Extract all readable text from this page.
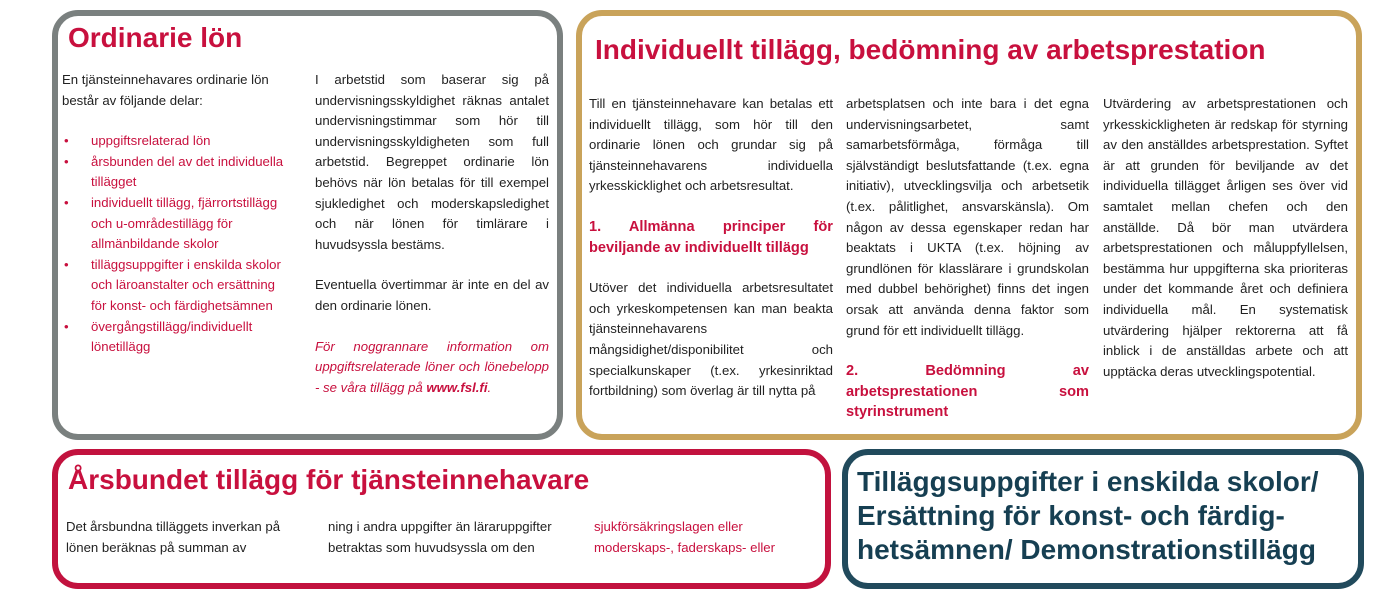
Ordinarie lön

En tjänsteinnehavares ordinarie lön består av följande delar:

• uppgiftsrelaterad lön
• årsbunden del av det individuella tillägget
• individuellt tillägg, fjärrortstillägg och u-områdestillägg för allmänbildande skolor
• tilläggsuppgifter i enskilda skolor och läroanstalter och ersättning för konst- och färdighetsämnen
• övergångstillägg/individuellt lönetillägg

I arbetstid som baserar sig på undervisningsskyldighet räknas antalet undervisningstimmar som hör till undervisningsskyldigheten som full arbetstid. Begreppet ordinarie lön behövs när lön betalas för till exempel sjukledighet och moderskapsledighet och när lönen för timlärare i huvudsyssla bestäms.

Eventuella övertimmar är inte en del av den ordinarie lönen.

För noggrannare information om uppgiftsrelaterade löner och lönebelopp - se våra tillägg på www.fsl.fi.

Individuellt tillägg, bedömning av arbetsprestation

Till en tjänsteinnehavare kan betalas ett individuellt tillägg, som hör till den ordinarie lönen och grundar sig på tjänsteinnehavarens individuella yrkesskicklighet och arbetsresultat.

1. Allmänna principer för beviljande av individuellt tillägg

Utöver det individuella arbetsresultatet och yrkeskompetensen kan man beakta tjänsteinnehavarens mångsidighet/disponibilitet och specialkunskaper (t.ex. yrkesinriktad fortbildning) som överlag är till nytta på

arbetsplatsen och inte bara i det egna undervisningsarbetet, samt samarbetsförmåga, förmåga till självständigt beslutsfattande (t.ex. egna initiativ), utvecklingsvilja och arbetsetik (t.ex. pålitlighet, ansvarskänsla). Om någon av dessa egenskaper redan har beaktats i UKTA (t.ex. höjning av grundlönen för klasslärare i grundskolan med dubbel behörighet) finns det ingen orsak att använda denna faktor som grund för ett individuellt tillägg.

2. Bedömning av arbetsprestationen som styrinstrument

Utvärdering av arbetsprestationen och yrkesskickligheten är redskap för styrning av den anställdes arbetsprestation. Syftet är att grunden för beviljande av det individuella tillägget årligen ses över vid samtalet mellan chefen och den anställde. Då bör man utvärdera arbetsprestationen och måluppfyllelsen, bestämma hur uppgifterna ska prioriteras under det kommande året och definiera individuella mål. En systematisk utvärdering hjälper rektorerna att få inblick i de anställdas arbete och att upptäcka deras utvecklingspotential.

Årsbundet tillägg för tjänsteinnehavare

Det årsbundna tilläggets inverkan på lönen beräknas på summan av

ning i andra uppgifter än läraruppgifter betraktas som huvudsyssla om den

sjukförsäkringslagen eller moderskaps-, faderskaps- eller

Tilläggsuppgifter i enskilda skolor/
Ersättning för konst- och färdig-
hetsämnen/ Demonstrationstillägg
